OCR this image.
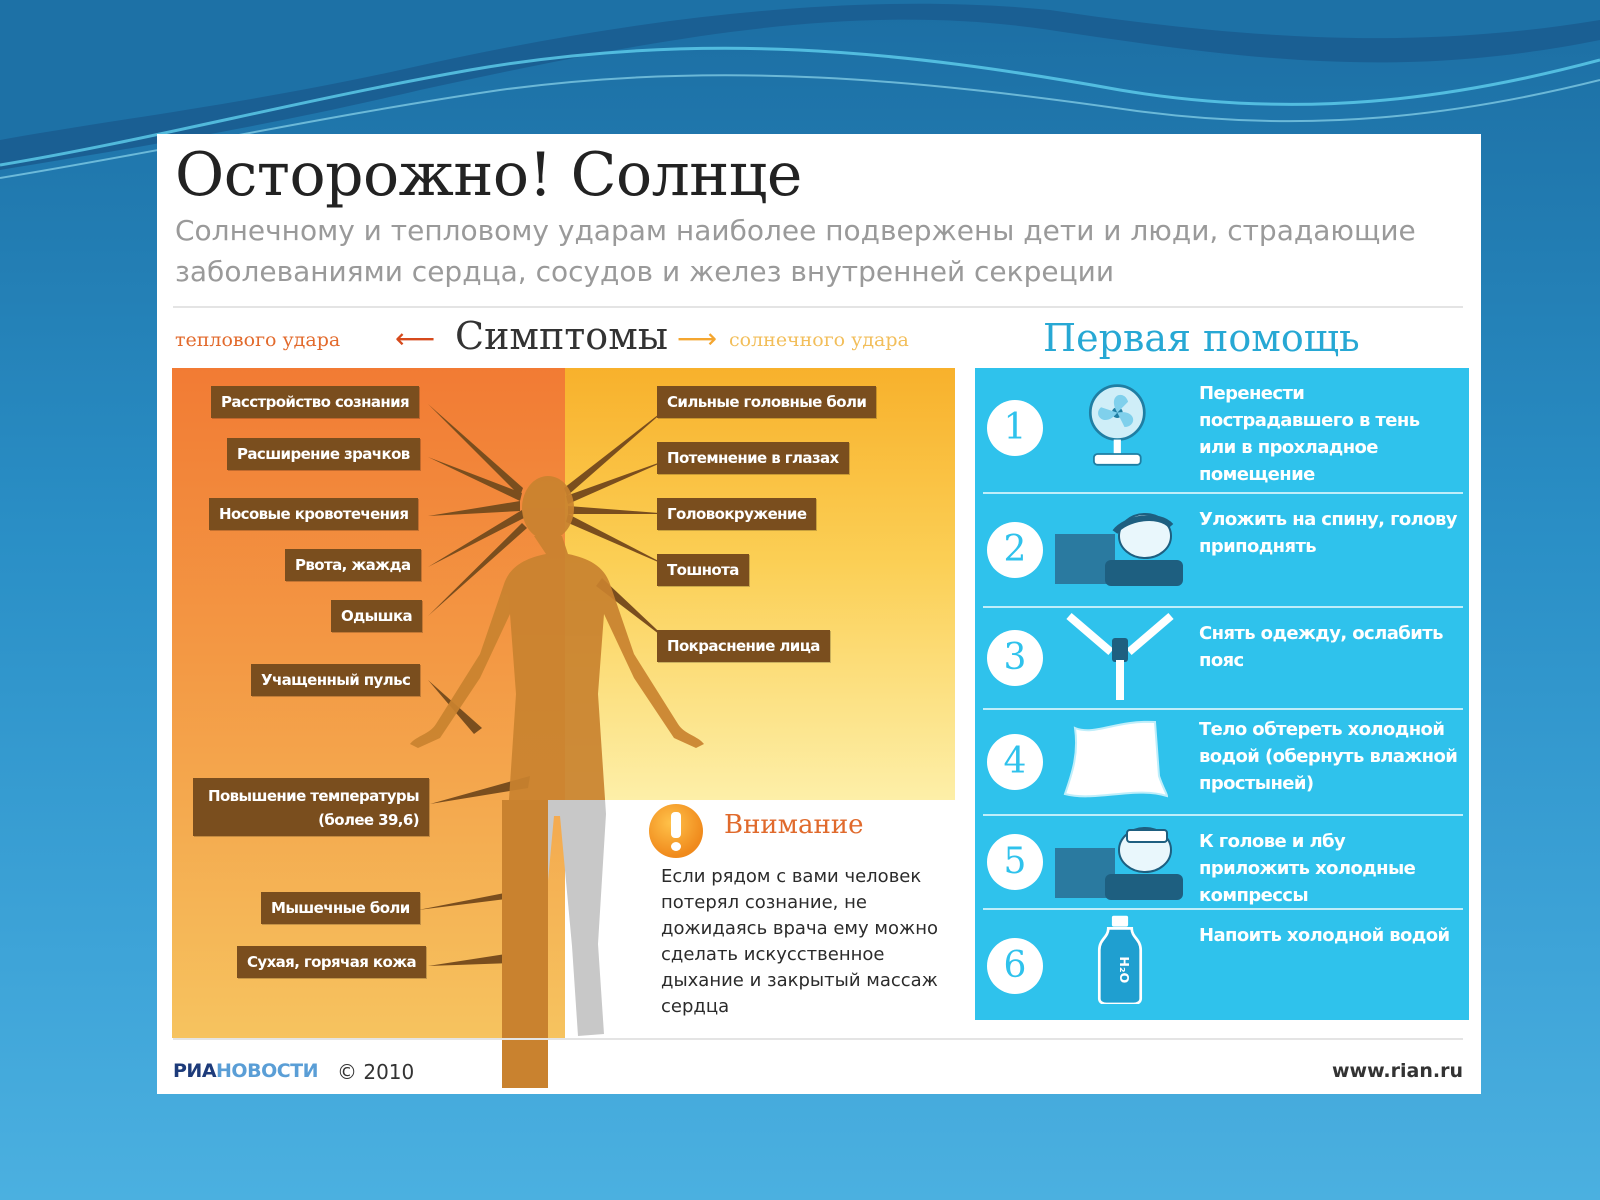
Осторожно! Солнце
Солнечному и тепловому ударам наиболее подвержены дети и люди, страдающие заболеваниями сердца, сосудов и желез внутренней секреции
теплового удара ⟵ Симптомы ⟶ солнечного удара	Первая помощь
Расстройство сознания
Расширение зрачков
Носовые кровотечения
Рвота, жажда
Одышка
Учащенный пульс
Повышение температуры (более 39,6)
Мышечные боли
Сухая, горячая кожа
Сильные головные боли
Потемнение в глазах
Головокружение
Тошнота
Покраснение лица
Внимание
Если рядом с вами человек потерял сознание, не дожидаясь врача ему можно сделать искусственное дыхание и закрытый массаж сердца
1
Перенести пострадавшего в тень или в прохладное помещение
2
Уложить на спину, голову приподнять
3
Снять одежду, ослабить пояс
4
Тело обтереть холодной водой (обернуть влажной простыней)
5	К голове и лбу приложить холодные компрессы
6	H₂O
Напоить холодной водой
РИАНОВОСТИ © 2010	www.rian.ru
